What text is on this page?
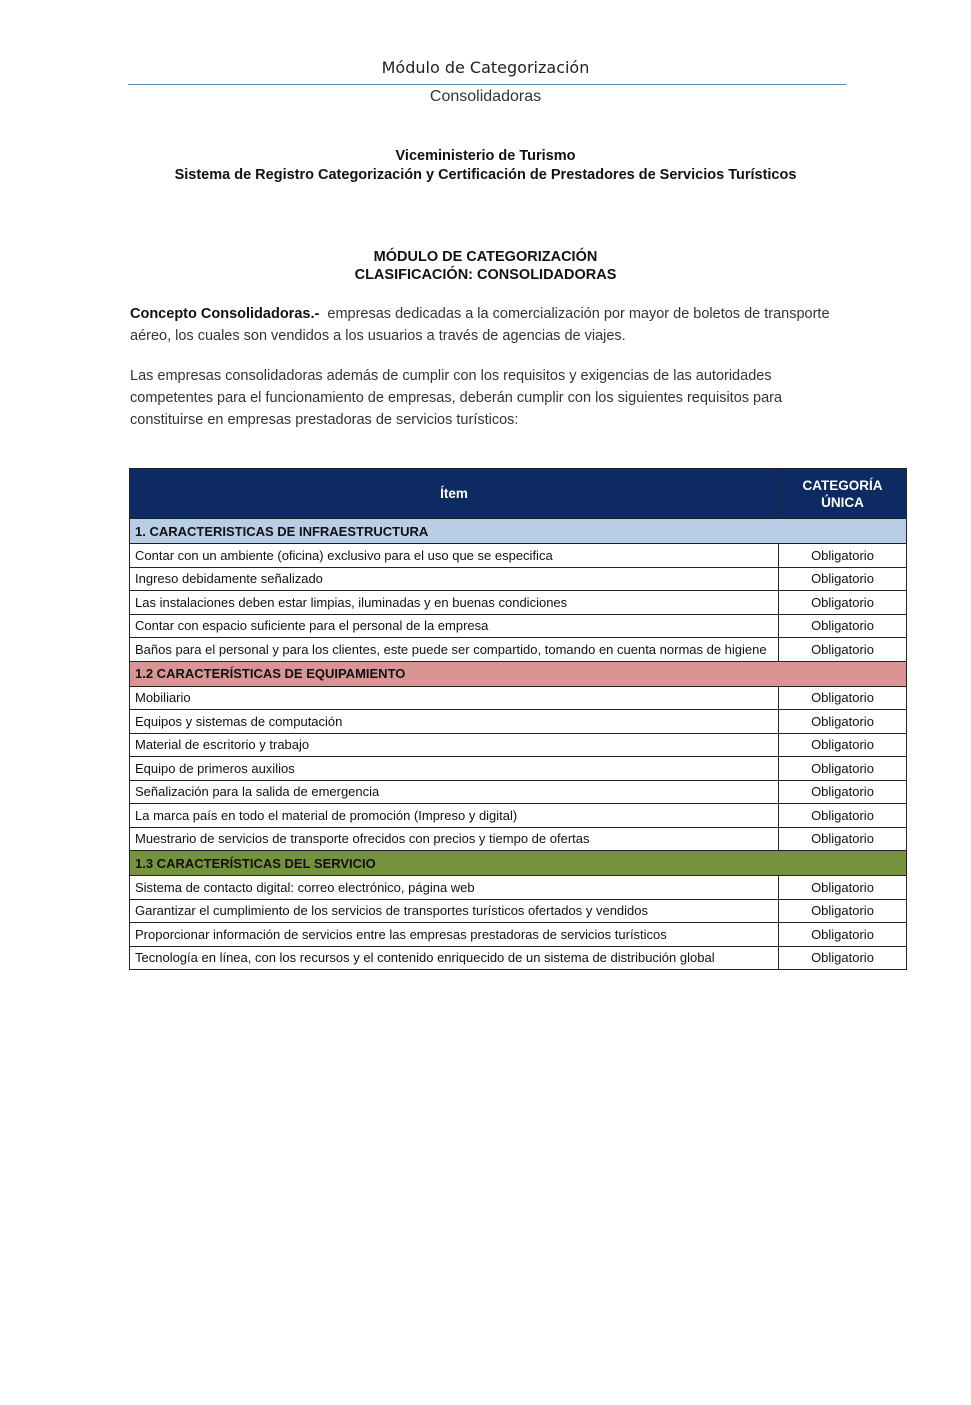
Módulo de Categorización
Consolidadoras
Viceministerio de Turismo
Sistema de Registro Categorización y Certificación de Prestadores de Servicios Turísticos
MÓDULO DE CATEGORIZACIÓN
CLASIFICACIÓN: CONSOLIDADORAS

Concepto Consolidadoras.- empresas dedicadas a la comercialización por mayor de boletos de transporte aéreo, los cuales son vendidos a los usuarios a través de agencias de viajes.

Las empresas consolidadoras además de cumplir con los requisitos y exigencias de las autoridades competentes para el funcionamiento de empresas, deberán cumplir con los siguientes requisitos para constituirse en empresas prestadoras de servicios turísticos:

Ítem	CATEGORÍA
ÚNICA
1. CARACTERISTICAS DE INFRAESTRUCTURA	
Contar con un ambiente (oficina) exclusivo para el uso que se especifica	Obligatorio
Ingreso debidamente señalizado	Obligatorio
Las instalaciones deben estar limpias, iluminadas y en buenas condiciones	Obligatorio
Contar con espacio suficiente para el personal de la empresa	Obligatorio
Baños para el personal y para los clientes, este puede ser compartido, tomando en cuenta normas de higiene	Obligatorio
1.2 CARACTERÍSTICAS DE EQUIPAMIENTO	
Mobiliario	Obligatorio
Equipos y sistemas de computación	Obligatorio
Material de escritorio y trabajo	Obligatorio
Equipo de primeros auxilios	Obligatorio
Señalización para la salida de emergencia	Obligatorio
La marca país en todo el material de promoción (Impreso y digital)	Obligatorio
Muestrario de servicios de transporte ofrecidos con precios y tiempo de ofertas	Obligatorio
1.3 CARACTERÍSTICAS DEL SERVICIO	
Sistema de contacto digital: correo electrónico, página web	Obligatorio
Garantizar el cumplimiento de los servicios de transportes turísticos ofertados y vendidos	Obligatorio
Proporcionar información de servicios entre las empresas prestadoras de servicios turísticos	Obligatorio
Tecnología en línea, con los recursos y el contenido enriquecido de un sistema de distribución global	Obligatorio
